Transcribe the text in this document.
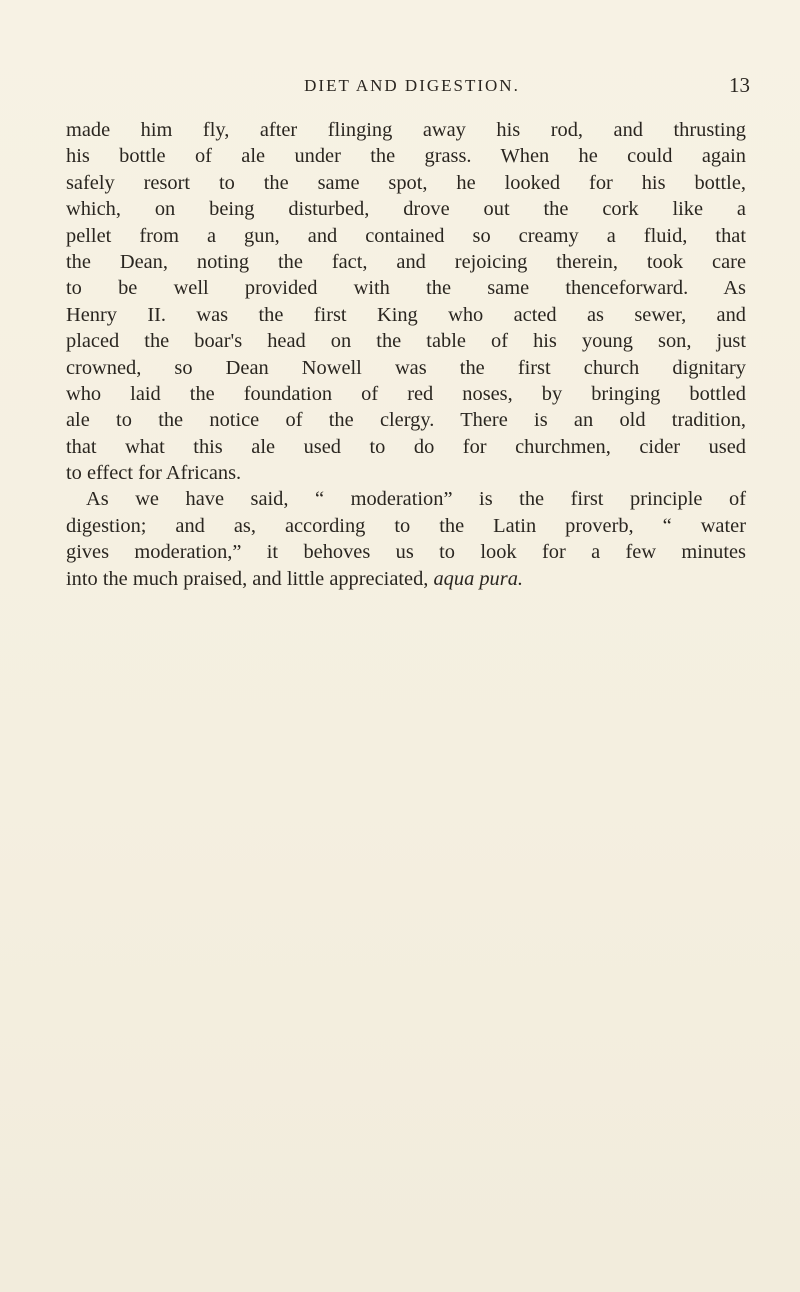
DIET AND DIGESTION.	13
made him fly, after flinging away his rod, and thrusting
his bottle of ale under the grass. When he could again
safely resort to the same spot, he looked for his bottle,
which, on being disturbed, drove out the cork like a
pellet from a gun, and contained so creamy a fluid, that
the Dean, noting the fact, and rejoicing therein, took care
to be well provided with the same thenceforward. As
Henry II. was the first King who acted as sewer, and
placed the boar's head on the table of his young son, just
crowned, so Dean Nowell was the first church dignitary
who laid the foundation of red noses, by bringing bottled
ale to the notice of the clergy. There is an old tradition,
that what this ale used to do for churchmen, cider used
to effect for Africans.
As we have said, “ moderation” is the first principle of
digestion; and as, according to the Latin proverb, “ water
gives moderation,” it behoves us to look for a few minutes
into the much praised, and little appreciated, aqua pura.
